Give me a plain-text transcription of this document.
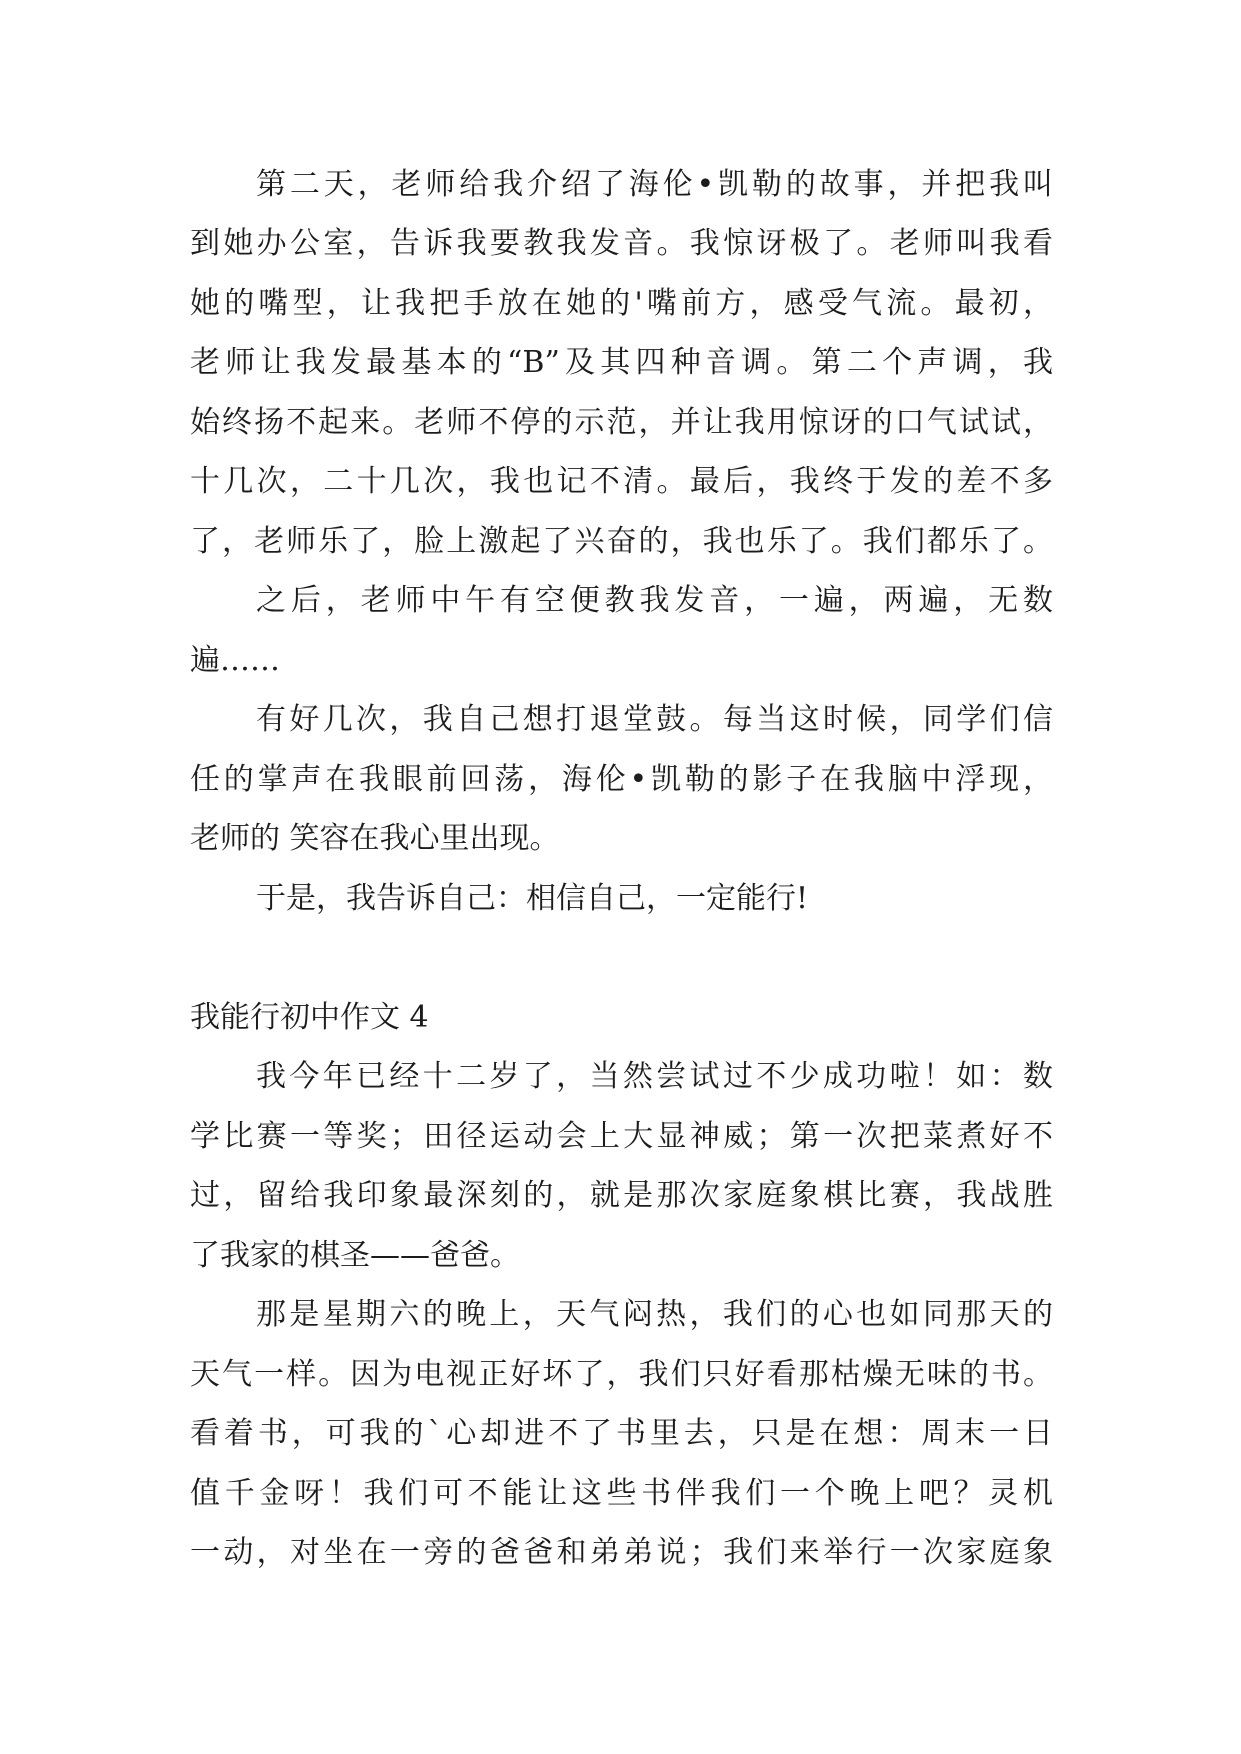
第二天，老师给我介绍了海伦•凯勒的故事，并把我叫
到她办公室，告诉我要教我发音。我惊讶极了。老师叫我看
她的嘴型，让我把手放在她的'嘴前方，感受气流。最初，
老师让我发最基本的“B”及其四种音调。第二个声调，我
始终扬不起来。老师不停的示范，并让我用惊讶的口气试试，
十几次，二十几次，我也记不清。最后，我终于发的差不多
了，老师乐了，脸上激起了兴奋的，我也乐了。我们都乐了。
之后，老师中午有空便教我发音，一遍，两遍，无数
遍……
有好几次，我自己想打退堂鼓。每当这时候，同学们信
任的掌声在我眼前回荡，海伦•凯勒的影子在我脑中浮现，
老师的 笑容在我心里出现。
于是，我告诉自己：相信自己，一定能行!
我能行初中作文 4
我今年已经十二岁了，当然尝试过不少成功啦！如：数
学比赛一等奖；田径运动会上大显神威；第一次把菜煮好不
过，留给我印象最深刻的，就是那次家庭象棋比赛，我战胜
了我家的棋圣——爸爸。
那是星期六的晚上，天气闷热，我们的心也如同那天的
天气一样。因为电视正好坏了，我们只好看那枯燥无味的书。
看着书，可我的`心却进不了书里去，只是在想：周末一日
值千金呀！我们可不能让这些书伴我们一个晚上吧？灵机
一动，对坐在一旁的爸爸和弟弟说；我们来举行一次家庭象
